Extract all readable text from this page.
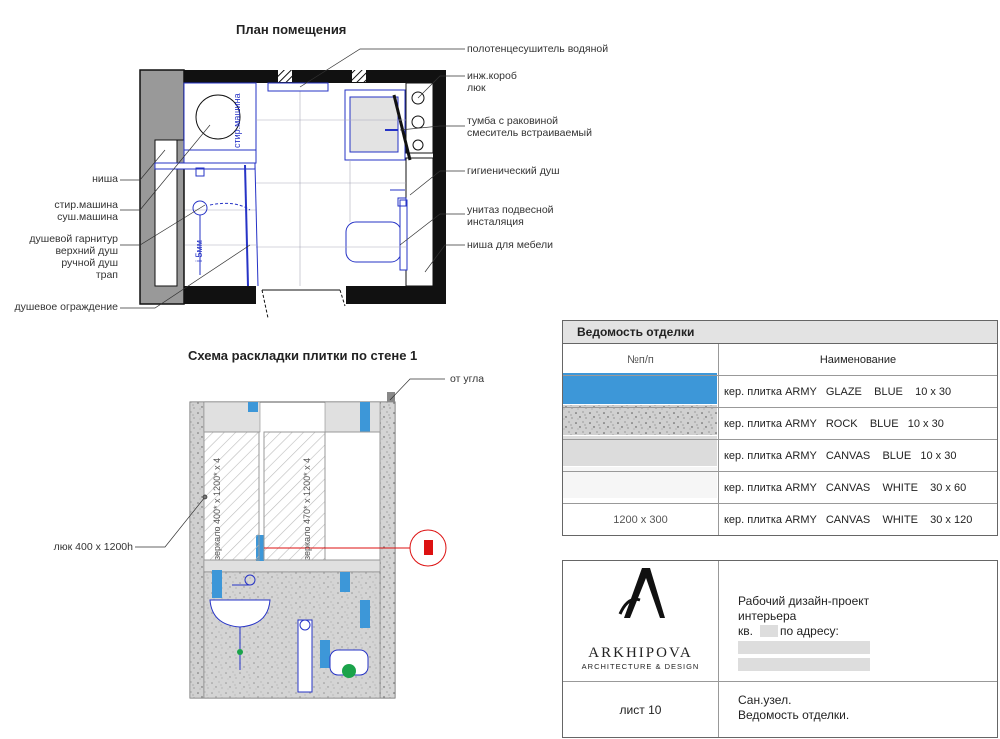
План помещения
Схема раскладки плитки по стене 1
полотенцесушитель водяной
инж.короб
люк
тумба с раковиной
смеситель встраиваемый
гигиенический душ
унитаз подвесной
инсталяция
ниша для мебели
ниша
стир.машина
суш.машина
душевой гарнитур
верхний душ
ручной душ
трап
душевое ограждение
стир.машина
i 5мм
от угла
люк 400 x 1200h	зеркало 400* x 1200* x 4	зеркало 470* x 1200* x 4
Ведомость отделки
№п/п	Наименование
кер. плитка ARMY   GLAZE    BLUE    10 x 30
кер. плитка ARMY   ROCK    BLUE   10 x 30
кер. плитка ARMY   CANVAS    BLUE   10 x 30
кер. плитка ARMY   CANVAS    WHITE    30 x 60
1200 x 300	кер. плитка ARMY   CANVAS    WHITE    30 x 120
ARKHIPOVA
ARCHITECTURE & DESIGN
Рабочий дизайн-проект
интерьера
кв. по адресу:
лист 10
Сан.узел.
Ведомость отделки.
